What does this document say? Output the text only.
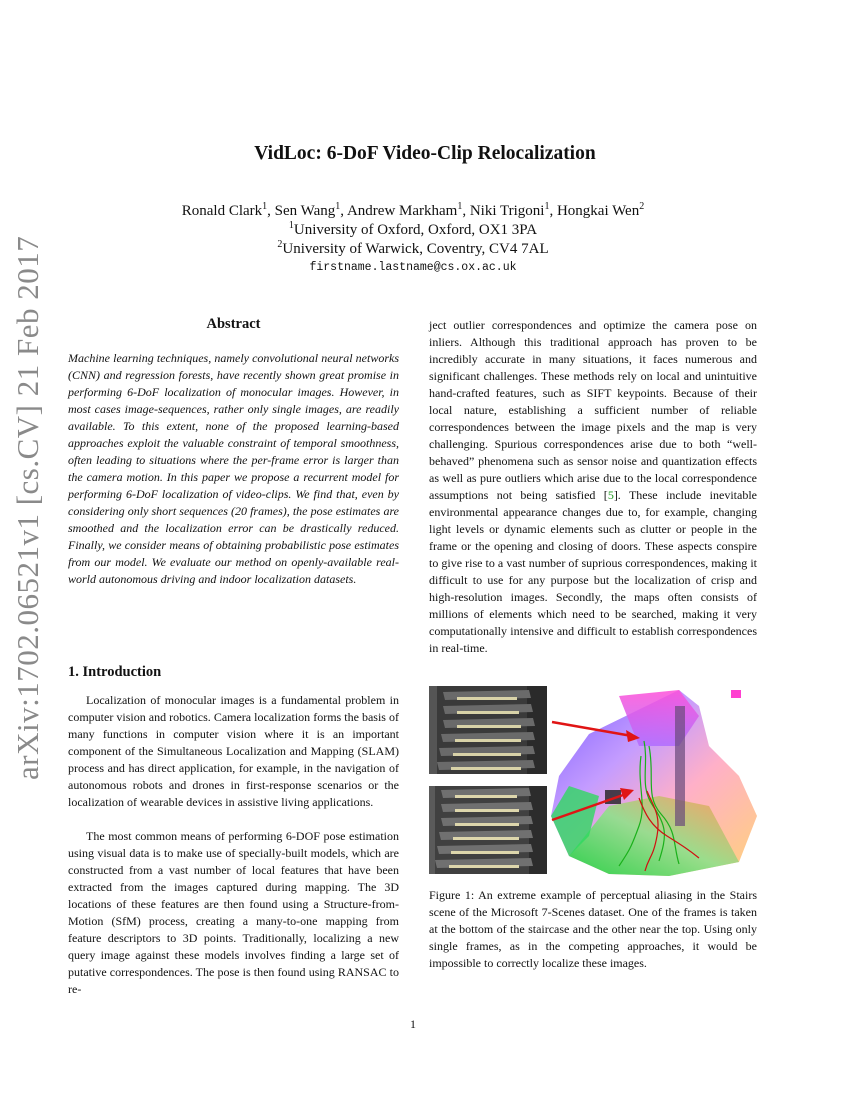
arXiv:1702.06521v1 [cs.CV] 21 Feb 2017
VidLoc: 6-DoF Video-Clip Relocalization
Ronald Clark$^1$, Sen Wang$^1$, Andrew Markham$^1$, Niki Trigoni$^1$, Hongkai Wen$^2$
$^1$University of Oxford, Oxford, OX1 3PA
$^2$University of Warwick, Coventry, CV4 7AL
firstname.lastname@cs.ox.ac.uk
Abstract
Machine learning techniques, namely convolutional neural networks (CNN) and regression forests, have recently shown great promise in performing 6-DoF localization of monocular images. However, in most cases image-sequences, rather only single images, are readily available. To this extent, none of the proposed learning-based approaches exploit the valuable constraint of temporal smoothness, often leading to situations where the per-frame error is larger than the camera motion. In this paper we propose a recurrent model for performing 6-DoF localization of video-clips. We find that, even by considering only short sequences (20 frames), the pose estimates are smoothed and the localization error can be drastically reduced. Finally, we consider means of obtaining probabilistic pose estimates from our model. We evaluate our method on openly-available real-world autonomous driving and indoor localization datasets.
1. Introduction
Localization of monocular images is a fundamental problem in computer vision and robotics. Camera localization forms the basis of many functions in computer vision where it is an important component of the Simultaneous Localization and Mapping (SLAM) process and has direct application, for example, in the navigation of autonomous robots and drones in first-response scenarios or the localization of wearable devices in assistive living applications.
The most common means of performing 6-DOF pose estimation using visual data is to make use of specially-built models, which are constructed from a vast number of local features that have been extracted from the images captured during mapping. The 3D locations of these features are then found using a Structure-from-Motion (SfM) process, creating a many-to-one mapping from feature descriptors to 3D points. Traditionally, localizing a new query image against these models involves finding a large set of putative correspondences. The pose is then found using RANSAC to re-
ject outlier correspondences and optimize the camera pose on inliers. Although this traditional approach has proven to be incredibly accurate in many situations, it faces numerous and significant challenges. These methods rely on local and unintuitive hand-crafted features, such as SIFT keypoints. Because of their local nature, establishing a sufficient number of reliable correspondences between the image pixels and the map is very challenging. Spurious correspondences arise due to both “well-behaved” phenomena such as sensor noise and quantization effects as well as pure outliers which arise due to the local correspondence assumptions not being satisfied [5]. These include inevitable environmental appearance changes due to, for example, changing light levels or dynamic elements such as clutter or people in the frame or the opening and closing of doors. These aspects conspire to give rise to a vast number of suprious correspondences, making it difficult to use for any purpose but the localization of crisp and high-resolution images. Secondly, the maps often consists of millions of elements which need to be searched, making it very computationally intensive and difficult to establish correspondences in real-time.
Figure 1: An extreme example of perceptual aliasing in the Stairs scene of the Microsoft 7-Scenes dataset. One of the frames is taken at the bottom of the staircase and the other near the top. Using only single frames, as in the competing approaches, it would be impossible to correctly localize these images.
1
